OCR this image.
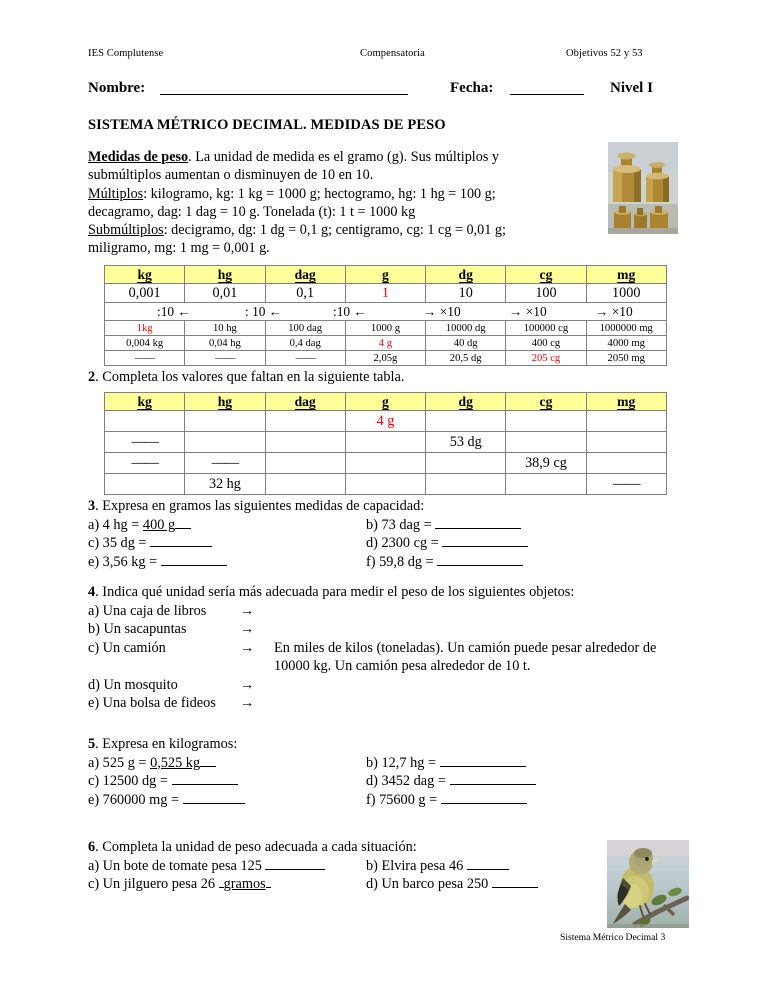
IES Complutense	Compensatoria	Objetivos 52 y 53
Nombre:	Fecha:	Nivel I
SISTEMA MÉTRICO DECIMAL. MEDIDAS DE PESO
Medidas de peso. La unidad de medida es el gramo (g). Sus múltiplos y
submúltiplos aumentan o disminuyen de 10 en 10.
Múltiplos: kilogramo, kg: 1 kg = 1000 g; hectogramo, hg: 1 hg = 100 g;
decagramo, dag: 1 dag = 10 g. Tonelada (t): 1 t = 1000 kg
Submúltiplos: decigramo, dg: 1 dg = 0,1 g; centigramo, cg: 1 cg = 0,01 g;
miligramo, mg: 1 mg = 0,001 g.
kg	hg	dag	g	dg	cg	mg
0,001	0,01	0,1	1	10	100	1000

:10 ←	: 10 ←	:10 ←	→ ×10	→ ×10	→ ×10

1kg	10 hg	100 dag	1000 g	10000 dg	100000 cg	1000000 mg
0,004 kg	0,04 hg	0,4 dag	4 g	40 dg	400 cg	4000 mg
——	——	——	2,05g	20,5 dg	205 cg	2050 mg
2. Completa los valores que faltan en la siguiente tabla.
kg	hg	dag	g	dg	cg	mg
			4 g			
——				53 dg		
——	——				38,9 cg	
	32 hg					——
3. Expresa en gramos las siguientes medidas de capacidad:
a) 4 hg = 400 g	b) 73 dag =
c) 35 dg =	d) 2300 cg =
e) 3,56 kg =	f) 59,8 dg =
4. Indica qué unidad sería más adecuada para medir el peso de los siguientes objetos:
a) Una caja de libros →
b) Un sacapuntas	→
c) Un camión	→ En miles de kilos (toneladas). Un camión puede pesar alrededor de 10000 kg. Un camión pesa alrededor de 10 t.
d) Un mosquito	→
e) Una bolsa de fideos →
5. Expresa en kilogramos:
a) 525 g = 0,525 kg	b) 12,7 hg =
c) 12500 dg =	d) 3452 dag =
e) 760000 mg =	f) 75600 g =
6. Completa la unidad de peso adecuada a cada situación:
a) Un bote de tomate pesa 125	b) Elvira pesa 46
c) Un jilguero pesa 26 gramos	d) Un barco pesa 250
Sistema Métrico Decimal 3
